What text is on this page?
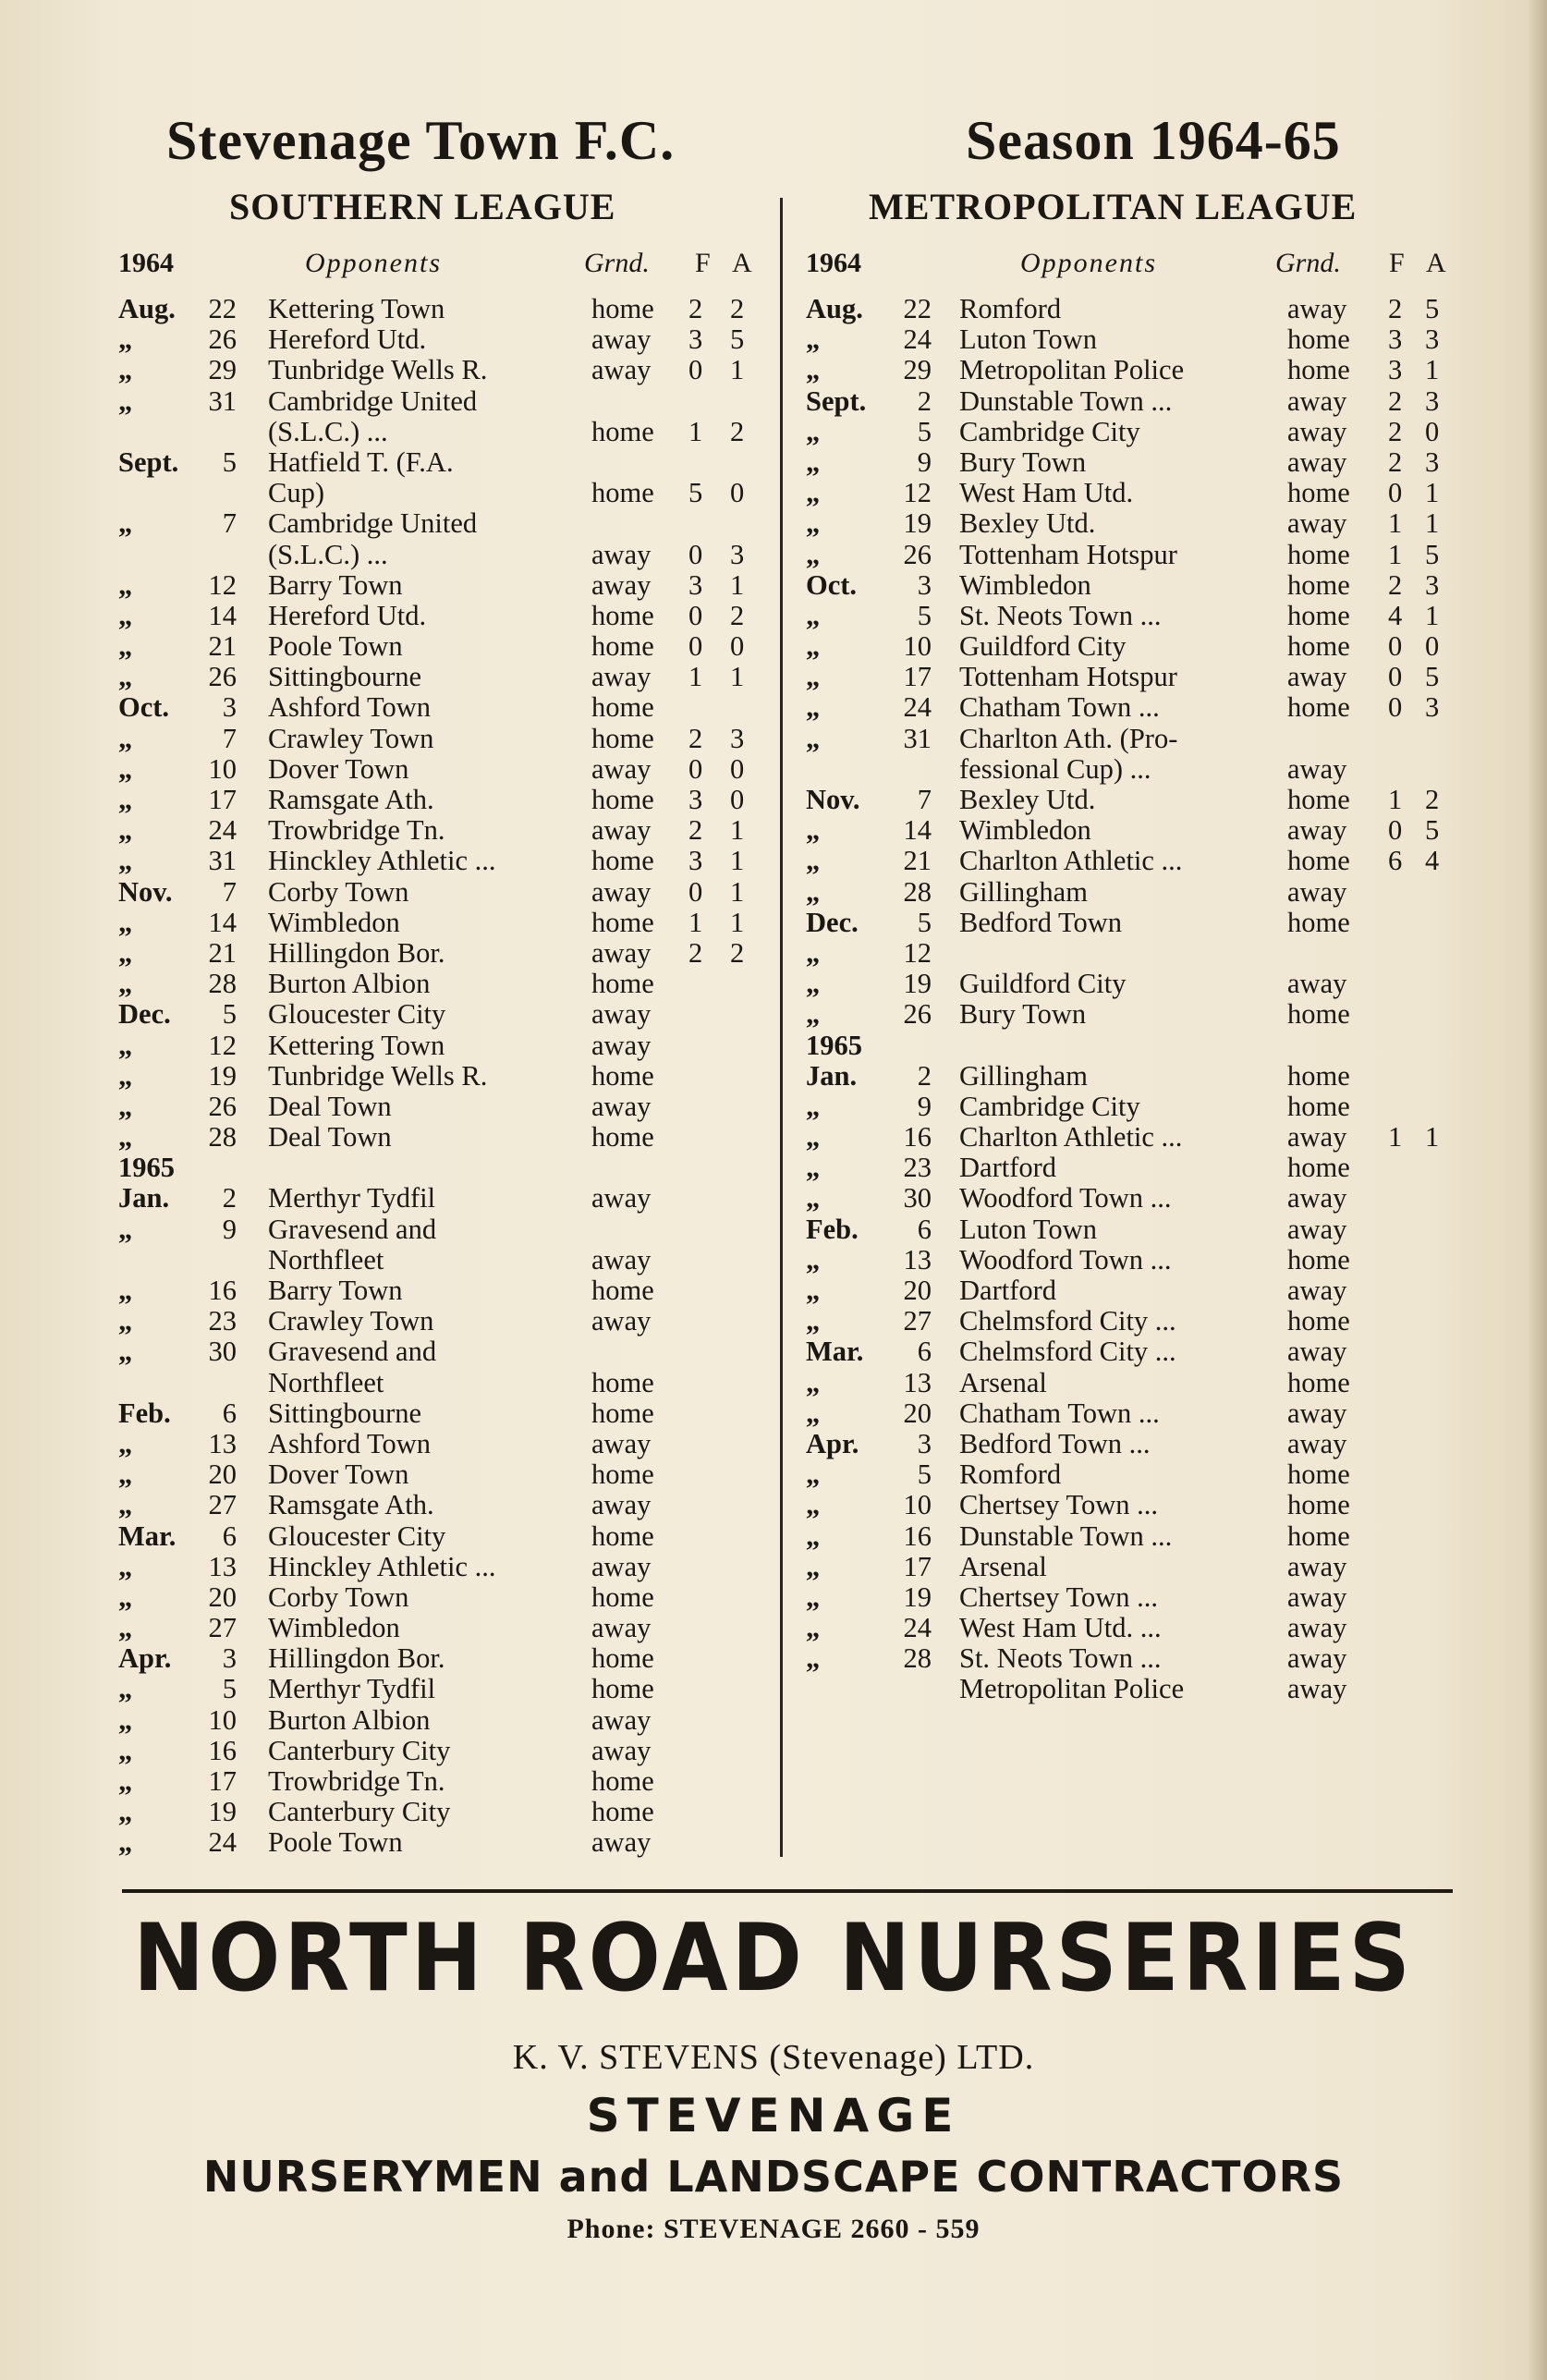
Stevenage Town F.C.	Season 1964-65
SOUTHERN LEAGUE	METROPOLITAN LEAGUE
1964	Opponents	Grnd. F A 1964	Opponents	Grnd. F A
Aug. 22 Kettering Town	home 2 2
„	26 Hereford Utd.	away 3 5
„	29 Tunbridge Wells R.	away 0 1
„	31 Cambridge United
(S.L.C.) ...	home 1 2
Sept. 5 Hatfield T. (F.A.
Cup)	home 5 0
„	7 Cambridge United
(S.L.C.) ...	away 0 3
„	12 Barry Town	away 3 1
„	14 Hereford Utd.	home 0 2
„	21 Poole Town	home 0 0
„	26 Sittingbourne	away 1 1
Oct. 3 Ashford Town	home
„	7 Crawley Town	home 2 3
„	10 Dover Town	away 0 0
„	17 Ramsgate Ath.	home 3 0
„	24 Trowbridge Tn.	away 2 1
„	31 Hinckley Athletic ...	home 3 1
Nov. 7 Corby Town	away 0 1
„	14 Wimbledon	home 1 1
„	21 Hillingdon Bor.	away 2 2
„	28 Burton Albion	home
Dec. 5 Gloucester City	away
„	12 Kettering Town	away
„	19 Tunbridge Wells R.	home
„	26 Deal Town	away
„	28 Deal Town	home
1965
Jan. 2 Merthyr Tydfil	away
„	9 Gravesend and
Northfleet	away
„	16 Barry Town	home
„	23 Crawley Town	away
„	30 Gravesend and
Northfleet	home
Feb. 6 Sittingbourne	home
„	13 Ashford Town	away
„	20 Dover Town	home
„	27 Ramsgate Ath.	away
Mar. 6 Gloucester City	home
„	13 Hinckley Athletic ...	away
„	20 Corby Town	home
„	27 Wimbledon	away
Apr. 3 Hillingdon Bor.	home
„	5 Merthyr Tydfil	home
„	10 Burton Albion	away
„	16 Canterbury City	away
„	17 Trowbridge Tn.	home
„	19 Canterbury City	home
„	24 Poole Town	away
Aug. 22 Romford	away 2 5
„	24 Luton Town	home 3 3
„	29 Metropolitan Police	home 3 1
Sept. 2 Dunstable Town ...	away 2 3
„	5 Cambridge City	away 2 0
„	9 Bury Town	away 2 3
„	12 West Ham Utd.	home 0 1
„	19 Bexley Utd.	away 1 1
„	26 Tottenham Hotspur	home 1 5
Oct. 3 Wimbledon	home 2 3
„	5 St. Neots Town ...	home 4 1
„	10 Guildford City	home 0 0
„	17 Tottenham Hotspur	away 0 5
„	24 Chatham Town ...	home 0 3
„	31 Charlton Ath. (Pro-
fessional Cup) ...	away
Nov. 7 Bexley Utd.	home 1 2
„	14 Wimbledon	away 0 5
„	21 Charlton Athletic ...	home 6 4
„	28 Gillingham	away
Dec. 5 Bedford Town	home
„	12
„	19 Guildford City	away
„	26 Bury Town	home
1965
Jan. 2 Gillingham	home
„	9 Cambridge City	home
„	16 Charlton Athletic ...	away 1 1
„	23 Dartford	home
„	30 Woodford Town ...	away
Feb. 6 Luton Town	away
„	13 Woodford Town ...	home
„	20 Dartford	away
„	27 Chelmsford City ...	home
Mar. 6 Chelmsford City ...	away
„	13 Arsenal	home
„	20 Chatham Town ...	away
Apr. 3 Bedford Town ...	away
„	5 Romford	home
„	10 Chertsey Town ...	home
„	16 Dunstable Town ...	home
„	17 Arsenal	away
„	19 Chertsey Town ...	away
„	24 West Ham Utd. ...	away
„	28 St. Neots Town ...	away
Metropolitan Police	away
NORTH ROAD NURSERIES
K. V. STEVENS (Stevenage) LTD.
STEVENAGE
NURSERYMEN and LANDSCAPE CONTRACTORS
Phone: STEVENAGE 2660 - 559
